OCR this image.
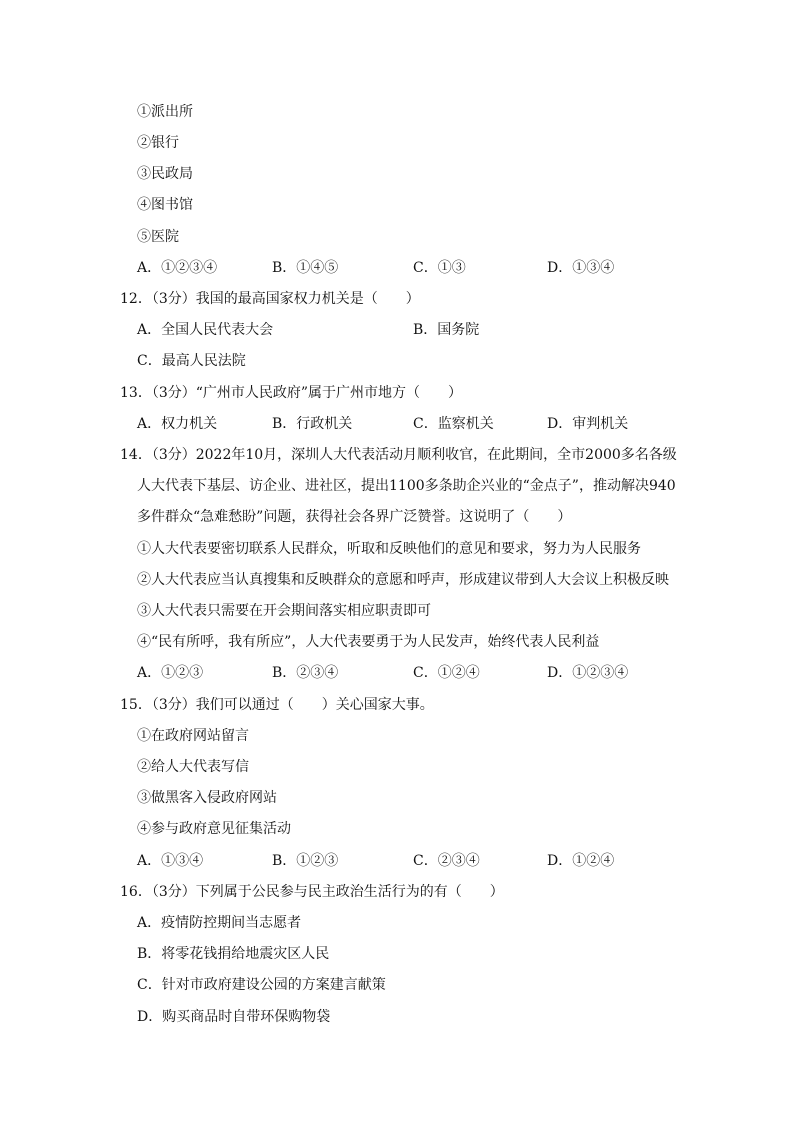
①派出所
②银行
③民政局
④图书馆
⑤医院
A．①②③④	B．①④⑤	C．①③	D．①③④
12．（3分）我国的最高国家权力机关是（　　）
A．全国人民代表大会	B．国务院
C．最高人民法院
13．（3分）“广州市人民政府”属于广州市地方（　　）
A．权力机关	B．行政机关	C．监察机关	D．审判机关
14．（3分）2022年10月，深圳人大代表活动月顺利收官，在此期间，全市2000多名各级
人大代表下基层、访企业、进社区，提出1100多条助企兴业的“金点子”，推动解决940
多件群众“急难愁盼”问题，获得社会各界广泛赞誉。这说明了（　　）
①人大代表要密切联系人民群众，听取和反映他们的意见和要求，努力为人民服务
②人大代表应当认真搜集和反映群众的意愿和呼声，形成建议带到人大会议上积极反映
③人大代表只需要在开会期间落实相应职责即可
④“民有所呼，我有所应”，人大代表要勇于为人民发声，始终代表人民利益
A．①②③	B．②③④	C．①②④	D．①②③④
15．（3分）我们可以通过（　　）关心国家大事。
①在政府网站留言
②给人大代表写信
③做黑客入侵政府网站
④参与政府意见征集活动
A．①③④	B．①②③	C．②③④	D．①②④
16．（3分）下列属于公民参与民主政治生活行为的有（　　）
A．疫情防控期间当志愿者
B．将零花钱捐给地震灾区人民
C．针对市政府建设公园的方案建言献策
D．购买商品时自带环保购物袋
